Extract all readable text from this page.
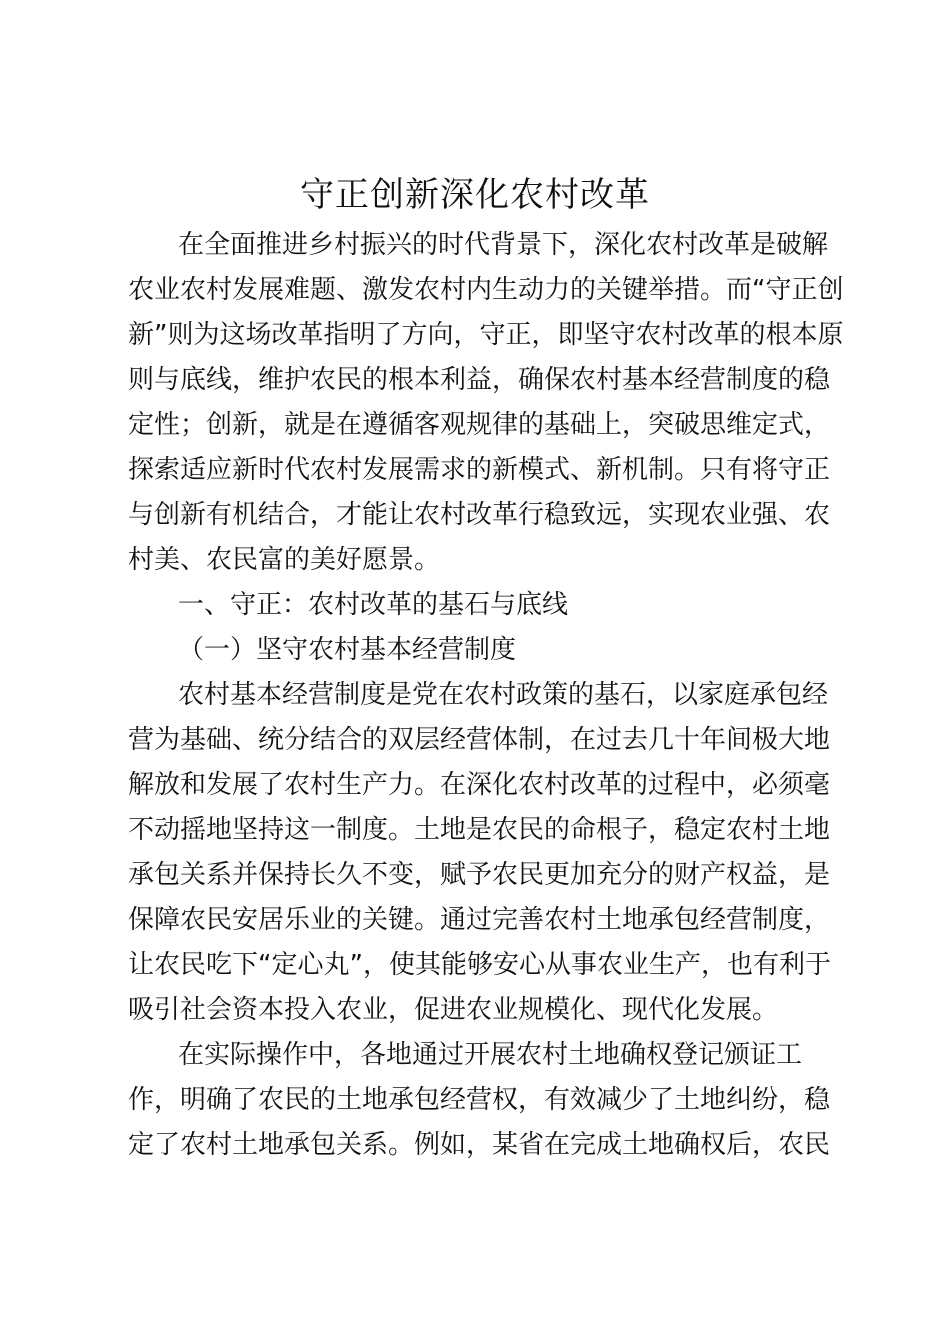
守正创新深化农村改革
在全面推进乡村振兴的时代背景下，深化农村改革是破解
农业农村发展难题、激发农村内生动力的关键举措。而“守正创
新”则为这场改革指明了方向，守正，即坚守农村改革的根本原
则与底线，维护农民的根本利益，确保农村基本经营制度的稳
定性；创新，就是在遵循客观规律的基础上，突破思维定式，
探索适应新时代农村发展需求的新模式、新机制。只有将守正
与创新有机结合，才能让农村改革行稳致远，实现农业强、农
村美、农民富的美好愿景。
一、守正：农村改革的基石与底线
（一）坚守农村基本经营制度
农村基本经营制度是党在农村政策的基石，以家庭承包经
营为基础、统分结合的双层经营体制，在过去几十年间极大地
解放和发展了农村生产力。在深化农村改革的过程中，必须毫
不动摇地坚持这一制度。土地是农民的命根子，稳定农村土地
承包关系并保持长久不变，赋予农民更加充分的财产权益，是
保障农民安居乐业的关键。通过完善农村土地承包经营制度，
让农民吃下“定心丸”，使其能够安心从事农业生产，也有利于
吸引社会资本投入农业，促进农业规模化、现代化发展。
在实际操作中，各地通过开展农村土地确权登记颁证工
作，明确了农民的土地承包经营权，有效减少了土地纠纷，稳
定了农村土地承包关系。例如，某省在完成土地确权后，农民
